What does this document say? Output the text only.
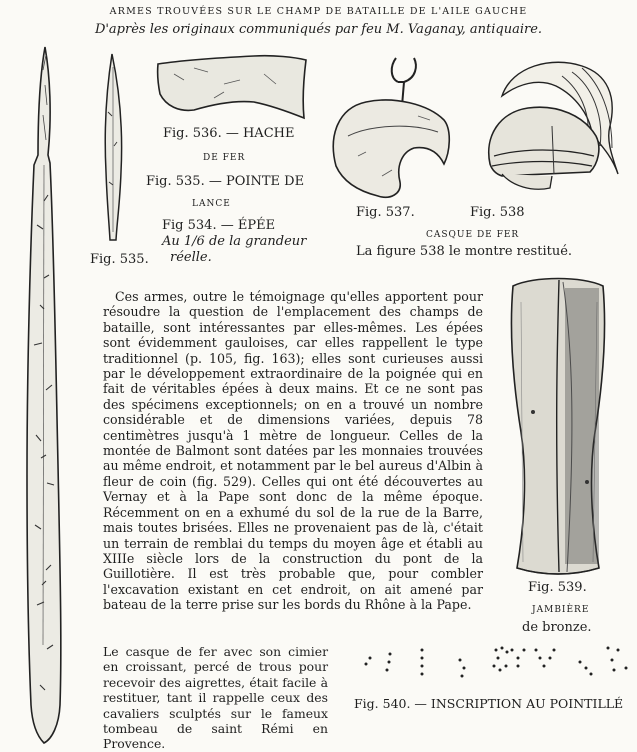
ARMES TROUVÉES SUR LE CHAMP DE BATAILLE DE L'AILE GAUCHE
D'après les originaux communiqués par feu M. Vaganay, antiquaire.
Fig. 536. — HACHE
DE FER
Fig. 535. — POINTE DE
LANCE
Fig 534. — ÉPÉE
Au 1/6 de la grandeur
réelle.
Fig. 535.
Fig. 537.	Fig. 538
CASQUE DE FER
La figure 538 le montre restitué.
Fig. 539.
JAMBIÈRE
de bronze.
Fig. 540. — INSCRIPTION AU POINTILLÉ

Ces armes, outre le témoignage qu'elles apportent pour résoudre la question de l'emplacement des champs de bataille, sont intéressantes par elles-mêmes. Les épées sont évidemment gauloises, car elles rappellent le type traditionnel (p. 105, fig. 163); elles sont curieuses aussi par le développement extraordinaire de la poignée qui en fait de véritables épées à deux mains. Et ce ne sont pas des spécimens exceptionnels; on en a trouvé un nombre considérable et de dimensions variées, depuis 78 centimètres jusqu'à 1 mètre de longueur. Celles de la montée de Balmont sont datées par les monnaies trouvées au même endroit, et notamment par le bel aureus d'Albin à fleur de coin (fig. 529). Celles qui ont été découvertes au Vernay et à la Pape sont donc de la même époque. Récemment on en a exhumé du sol de la rue de la Barre, mais toutes brisées. Elles ne provenaient pas de là, c'était un terrain de remblai du temps du moyen âge et établi au XIIIe siècle lors de la construction du pont de la Guillotière. Il est très probable que, pour combler l'excavation existant en cet endroit, on ait amené par bateau de la terre prise sur les bords du Rhône à la Pape.

Le casque de fer avec son cimier en croissant, percé de trous pour recevoir des aigrettes, était facile à restituer, tant il rappelle ceux des cavaliers sculptés sur le fameux tombeau de saint Rémi en Provence.
